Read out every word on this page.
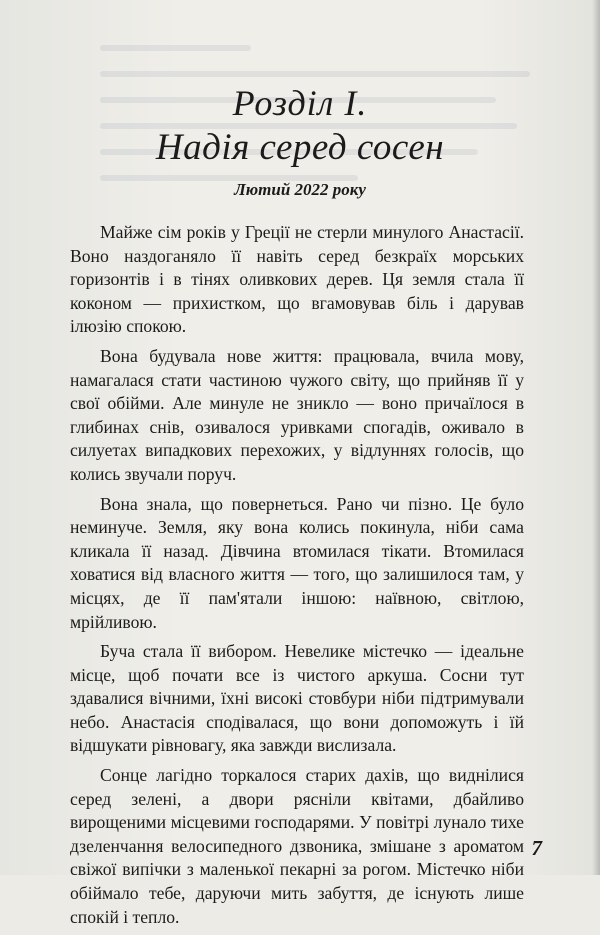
Розділ I.
Надія серед сосен
Лютий 2022 року

Майже сім років у Греції не стерли минулого Анастасії. Воно наздоганяло її навіть серед безкраїх морських горизонтів і в тінях оливкових дерев. Ця земля стала її коконом — прихистком, що вгамовував біль і дарував ілюзію спокою.

Вона будувала нове життя: працювала, вчила мову, намагалася стати частиною чужого світу, що прийняв її у свої обійми. Але минуле не зникло — воно причаїлося в глибинах снів, озивалося уривками спогадів, оживало в силуетах випадкових перехожих, у відлуннях голосів, що колись звучали поруч.

Вона знала, що повернеться. Рано чи пізно. Це було неминуче. Земля, яку вона колись покинула, ніби сама кликала її назад. Дівчина втомилася тікати. Втомилася ховатися від власного життя — того, що залишилося там, у місцях, де її пам'ятали іншою: наївною, світлою, мрійливою.

Буча стала її вибором. Невелике містечко — ідеальне місце, щоб почати все із чистого аркуша. Сосни тут здавалися вічними, їхні високі стовбури ніби підтримували небо. Анастасія сподівалася, що вони допоможуть і їй відшукати рівновагу, яка завжди вислизала.

Сонце лагідно торкалося старих дахів, що виднілися серед зелені, а двори рясніли квітами, дбайливо вирощеними місцевими господарями. У повітрі лунало тихе дзеленчання велосипедного дзвоника, змішане з ароматом свіжої випічки з маленької пекарні за рогом. Містечко ніби обіймало тебе, даруючи мить забуття, де існують лише спокій і тепло.

7
